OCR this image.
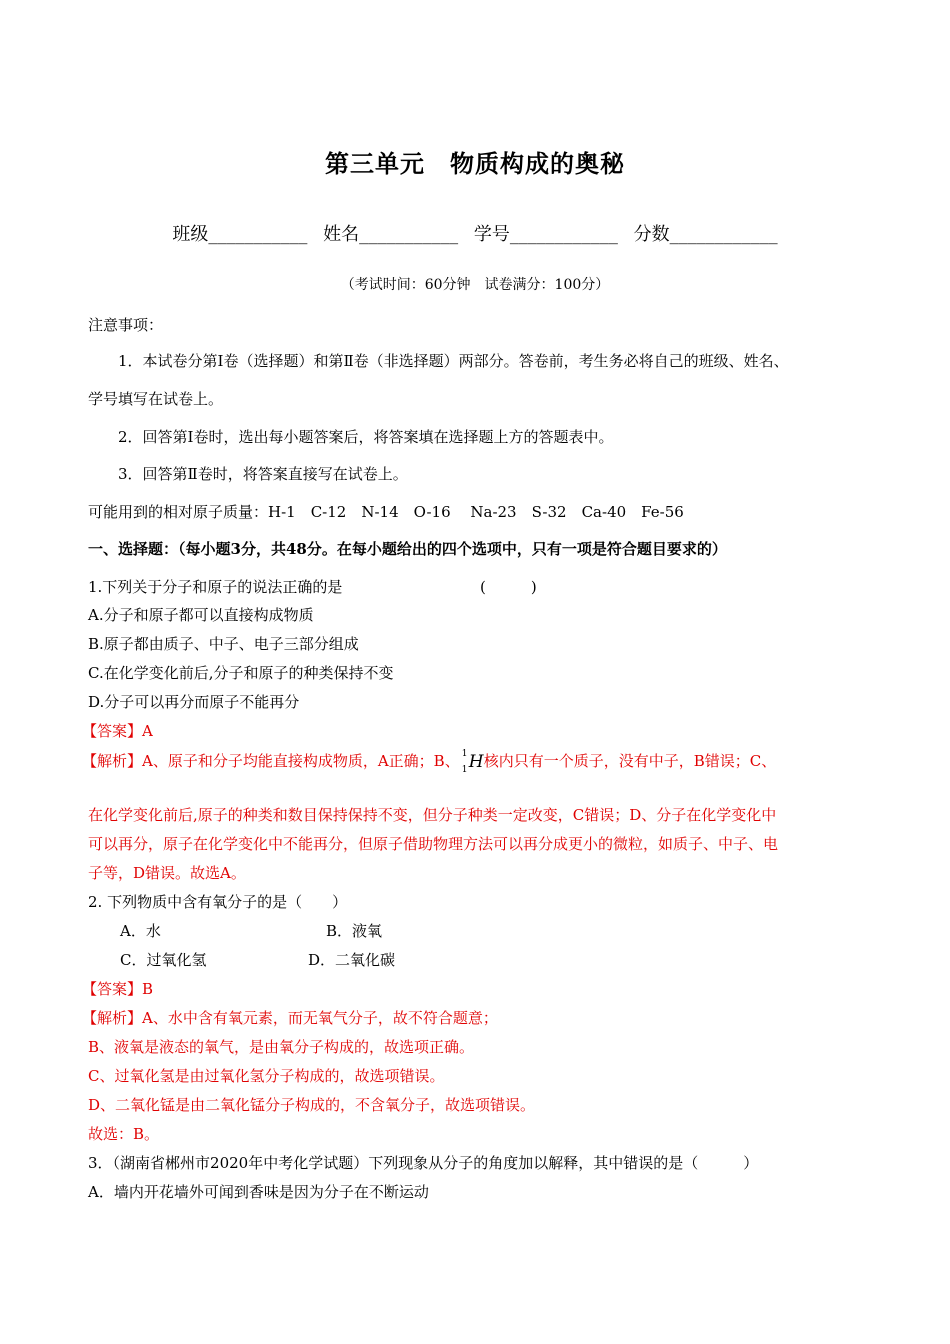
第三单元　物质构成的奥秘
班级___________ 姓名___________ 学号____________ 分数____________
（考试时间：60分钟　试卷满分：100分）
注意事项：
1．本试卷分第Ⅰ卷（选择题）和第Ⅱ卷（非选择题）两部分。答卷前，考生务必将自己的班级、姓名、
学号填写在试卷上。
2．回答第Ⅰ卷时，选出每小题答案后，将答案填在选择题上方的答题表中。
3．回答第Ⅱ卷时，将答案直接写在试卷上。
可能用到的相对原子质量：H-1　C-12　N-14　O-16　 Na-23　S-32　Ca-40　Fe-56
一、选择题：（每小题3分，共48分。在每小题给出的四个选项中，只有一项是符合题目要求的）
1.下列关于分子和原子的说法正确的是	(　　　)
A.分子和原子都可以直接构成物质
B.原子都由质子、中子、电子三部分组成
C.在化学变化前后,分子和原子的种类保持不变
D.分子可以再分而原子不能再分
【答案】A
【解析】A、原子和分子均能直接构成物质，A正确；B、 1
1 H 核内只有一个质子，没有中子，B错误；C、
在化学变化前后,原子的种类和数目保持保持不变，但分子种类一定改变，C错误；D、分子在化学变化中
可以再分，原子在化学变化中不能再分，但原子借助物理方法可以再分成更小的微粒，如质子、中子、电
子等，D错误。故选A。
2. 下列物质中含有氧分子的是（　　）
A．水	B．液氧
C．过氧化氢	D．二氧化碳
【答案】B
【解析】A、水中含有氧元素，而无氧气分子，故不符合题意；
B、液氧是液态的氧气，是由氧分子构成的，故选项正确。
C、过氧化氢是由过氧化氢分子构成的，故选项错误。
D、二氧化锰是由二氧化锰分子构成的，不含氧分子，故选项错误。
故选：B。
3．（湖南省郴州市2020年中考化学试题）下列现象从分子的角度加以解释，其中错误的是（　　　）
A．墙内开花墙外可闻到香味是因为分子在不断运动
